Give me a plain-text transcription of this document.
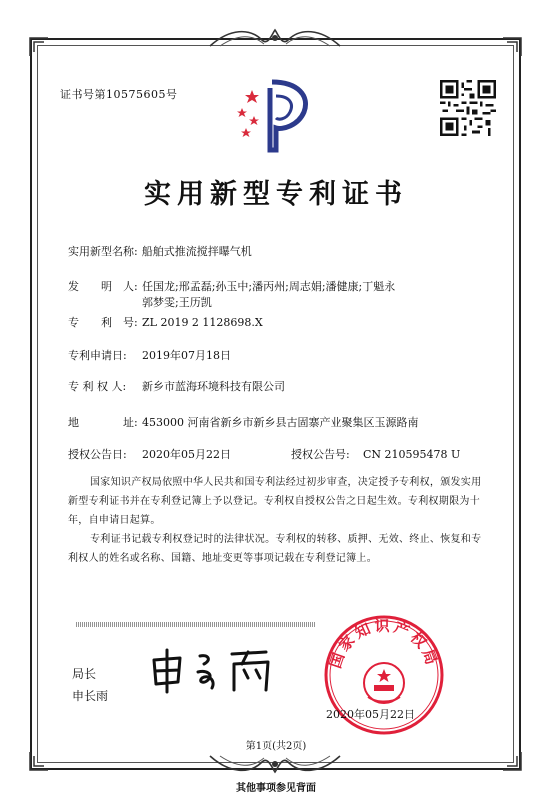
证书号第10575605号
实用新型专利证书
实用新型名称: 船舶式推流搅拌曝气机
发　　明　人: 任国龙;邢孟磊;孙玉中;潘丙州;周志娟;潘健康;丁魁永
郭梦雯;王历凯
专　　利　号: ZL 2019 2 1128698.X
专利申请日: 2019年07月18日
专 利 权 人: 新乡市蓝海环境科技有限公司
地　　　　址: 453000 河南省新乡市新乡县古固寨产业聚集区玉源路南
授权公告日: 2020年05月22日	授权公告号: CN 210595478 U
国家知识产权局依照中华人民共和国专利法经过初步审查，决定授予专利权，颁发实用新型专利证书并在专利登记簿上予以登记。专利权自授权公告之日起生效。专利权期限为十年，自申请日起算。
专利证书记载专利权登记时的法律状况。专利权的转移、质押、无效、终止、恢复和专利权人的姓名或名称、国籍、地址变更等事项记载在专利登记簿上。
局长
申长雨
国家知识产权局
2020年05月22日
第1页(共2页)
其他事项参见背面
